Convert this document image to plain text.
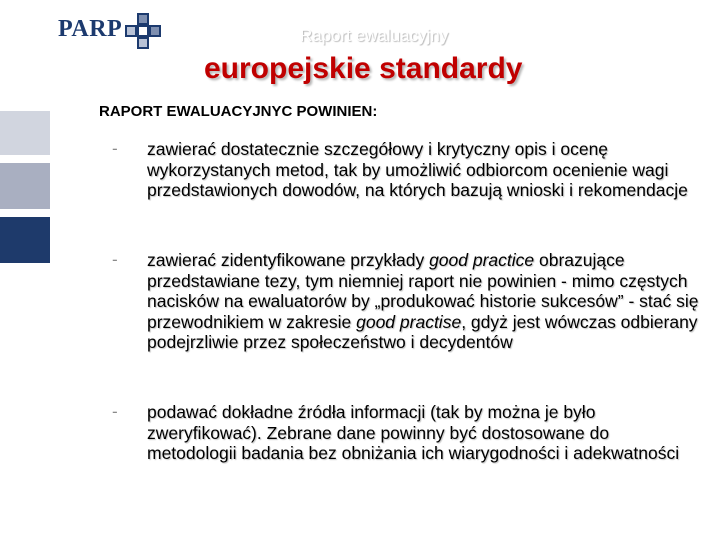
PARP	Raport ewaluacyjny
europejskie standardy
RAPORT EWALUACYJNYC POWINIEN:
- zawierać dostatecznie szczegółowy i krytyczny opis i ocenę wykorzystanych metod, tak by umożliwić odbiorcom ocenienie wagi przedstawionych dowodów, na których bazują wnioski i rekomendacje
- zawierać zidentyfikowane przykłady good practice obrazujące przedstawiane tezy, tym niemniej raport nie powinien - mimo częstych nacisków na ewaluatorów by „produkować historie sukcesów” - stać się przewodnikiem w zakresie good practise, gdyż jest wówczas odbierany podejrzliwie przez społeczeństwo i decydentów
- podawać dokładne źródła informacji (tak by można je było zweryfikować). Zebrane dane powinny być dostosowane do metodologii badania bez obniżania ich wiarygodności i adekwatności
